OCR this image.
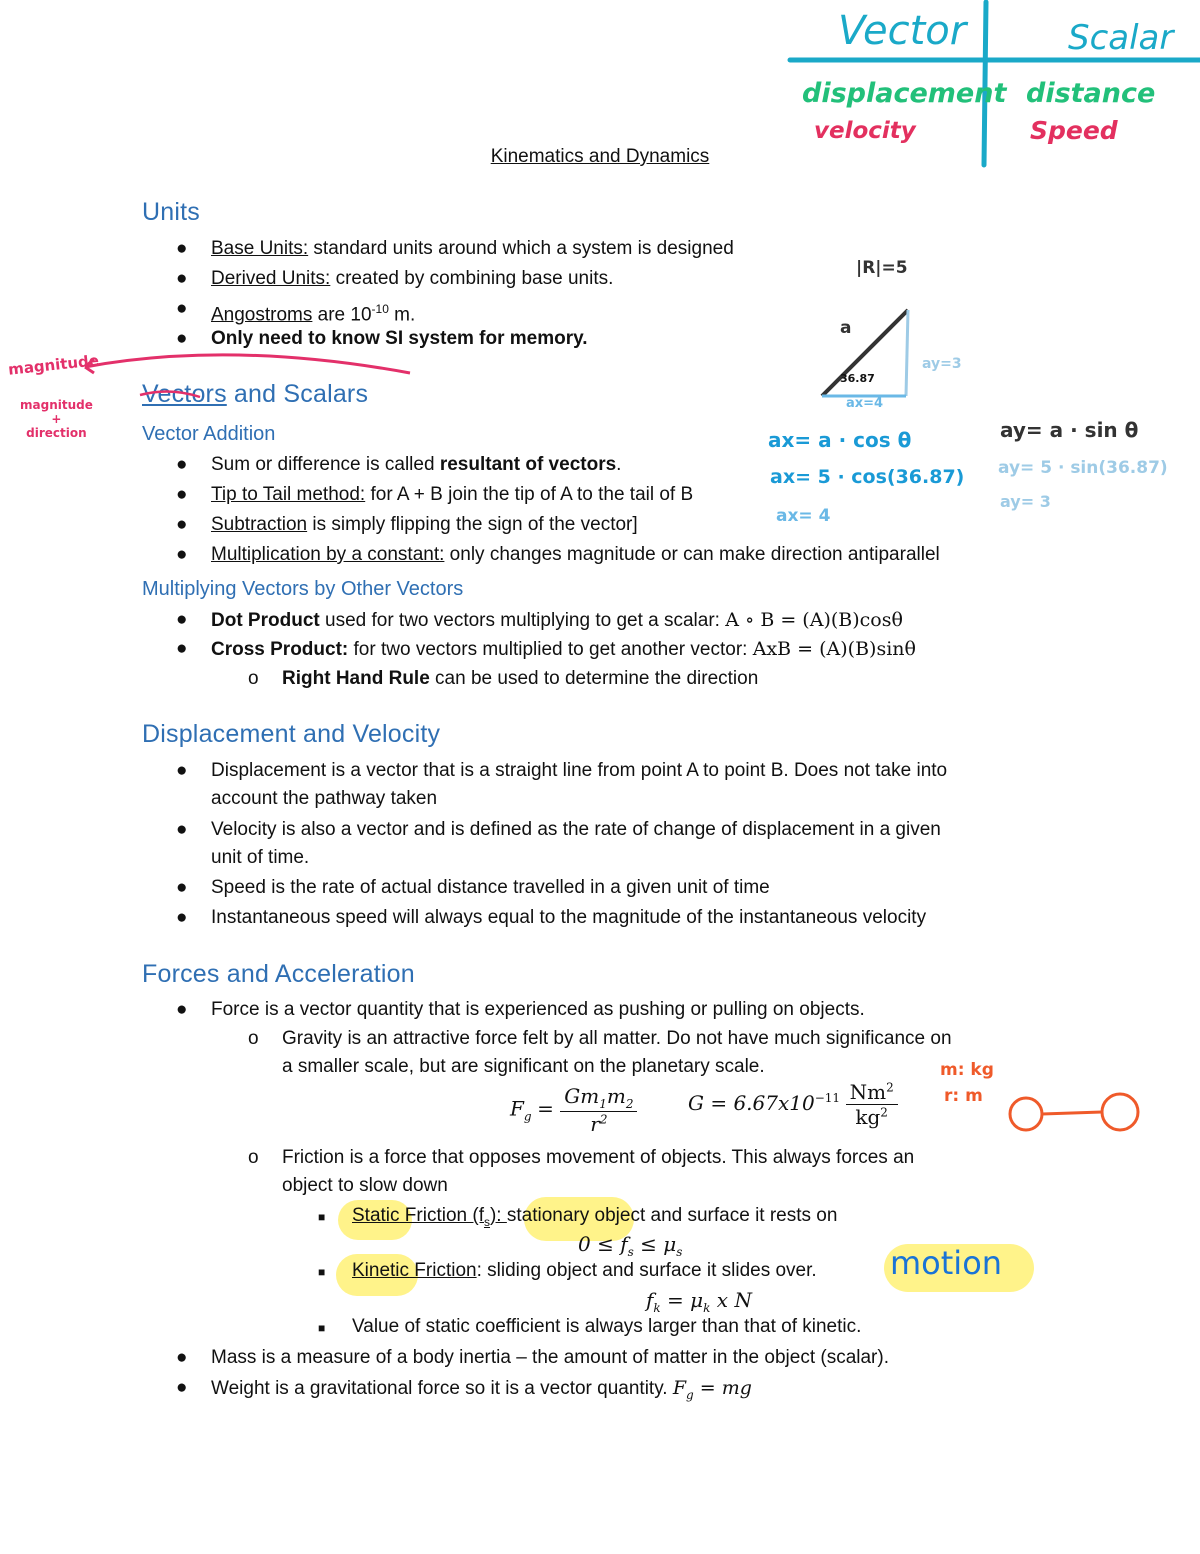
Vector	Scalar
displacement distance
velocity	Speed
Kinematics and Dynamics
Units
● Base Units: standard units around which a system is designed
● Derived Units: created by combining base units.
● Angostroms are $10^{-10}$ m.
● Only need to know SI system for memory.
Vectors and Scalars
Vector Addition
● Sum or difference is called resultant of vectors.
● Tip to Tail method: for A + B join the tip of A to the tail of B
● Subtraction is simply flipping the sign of the vector]
● Multiplication by a constant: only changes magnitude or can make direction antiparallel
Multiplying Vectors by Other Vectors
● Dot Product used for two vectors multiplying to get a scalar: A ∘ B = (A)(B)cosθ
● Cross Product: for two vectors multiplied to get another vector: AxB = (A)(B)sinθ
o Right Hand Rule can be used to determine the direction
Displacement and Velocity
● Displacement is a vector that is a straight line from point A to point B. Does not take into
account the pathway taken
● Velocity is also a vector and is defined as the rate of change of displacement in a given
unit of time.
● Speed is the rate of actual distance travelled in a given unit of time
● Instantaneous speed will always equal to the magnitude of the instantaneous velocity
Forces and Acceleration
● Force is a vector quantity that is experienced as pushing or pulling on objects.
o Gravity is an attractive force felt by all matter. Do not have much significance on
a smaller scale, but are significant on the planetary scale.
$F_g = \frac{Gm_1m_2}{r^2}$	$G = 6.67x10^{-11} \frac{Nm^2}{kg^2}$
o Friction is a force that opposes movement of objects. This always forces an
object to slow down
■ Static Friction $(f_s)$: stationary object and surface it rests on
$0 \le f_s \le \mu_s$
■ Kinetic Friction: sliding object and surface it slides over.
$f_k = \mu_k$ x N
■ Value of static coefficient is always larger than that of kinetic.
● Mass is a measure of a body inertia – the amount of matter in the object (scalar).
● Weight is a gravitational force so it is a vector quantity. $F_g$ = mg
magnitude
magnitude
+
direction
|R|=5
a
36.87
ay=3
ax=4
ax= a · cos θ
ax= 5 · cos(36.87)
ax= 4
ay= a · sin θ
ay= 5 · sin(36.87)
ay= 3
m: kg
r: m
motion
